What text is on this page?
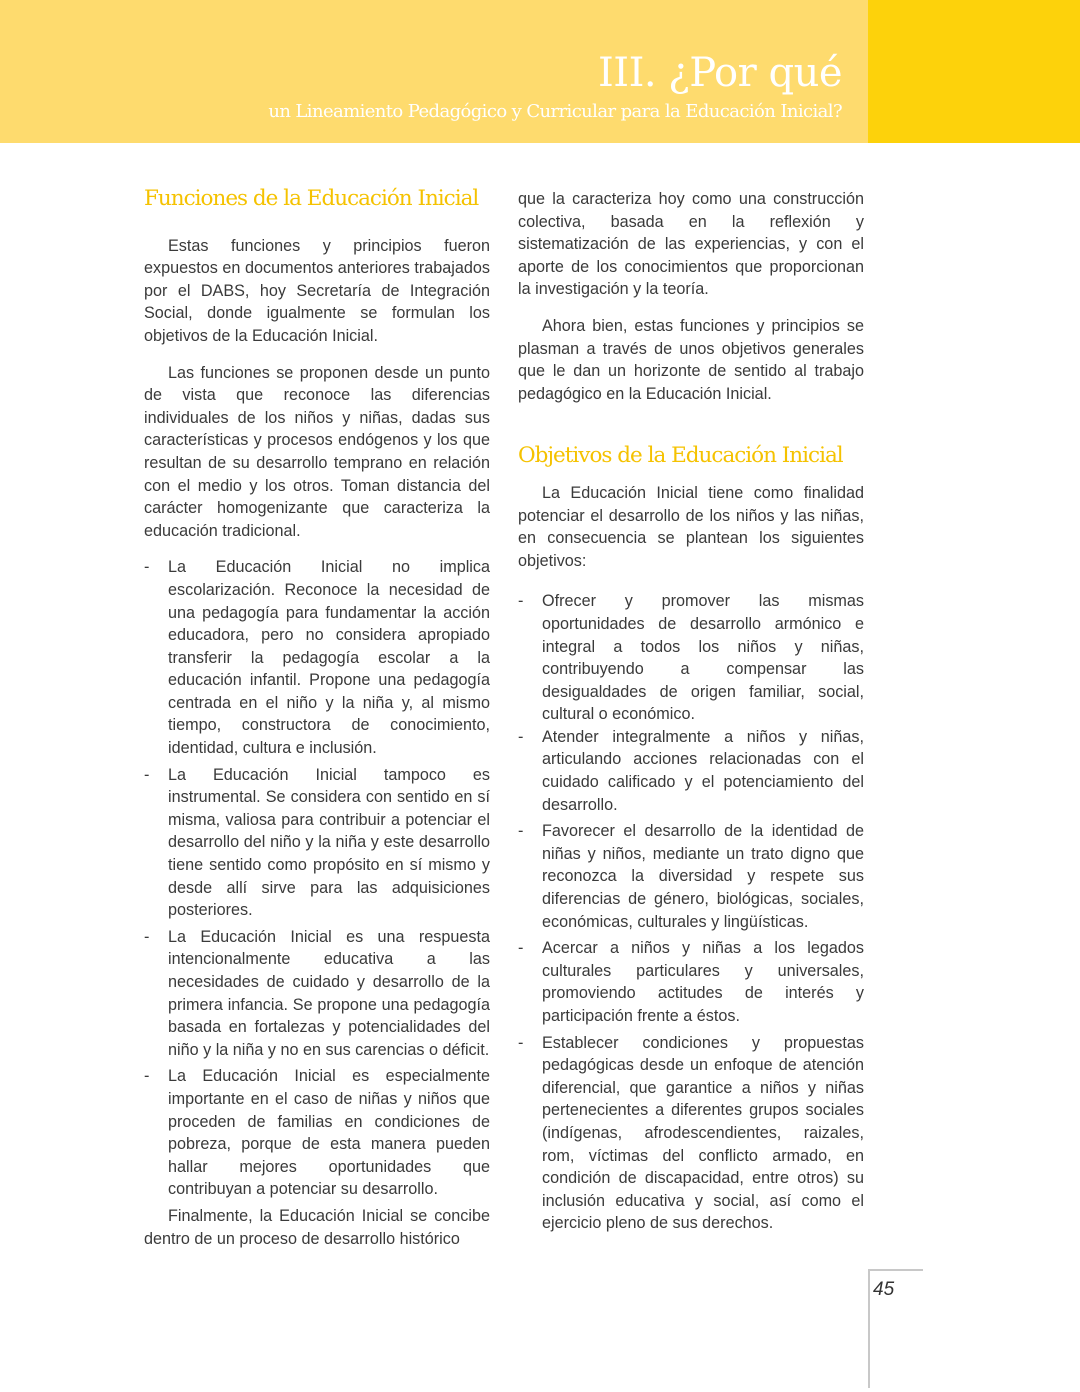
III. ¿Por qué
un Lineamiento Pedagógico y Curricular para la Educación Inicial?
Funciones de la Educación Inicial

Estas funciones y principios fueron expuestos en documentos anteriores trabajados por el DABS, hoy Secretaría de Integración Social, donde igualmente se formulan los objetivos de la Educación Inicial.

Las funciones se proponen desde un punto de vista que reconoce las diferencias individuales de los niños y niñas, dadas sus características y procesos endógenos y los que resultan de su desarrollo temprano en relación con el medio y los otros. Toman distancia del carácter homogenizante que caracteriza la educación tradicional.

- La Educación Inicial no implica escolarización. Reconoce la necesidad de una pedagogía para fundamentar la acción educadora, pero no considera apropiado transferir la pedagogía escolar a la educación infantil. Propone una pedagogía centrada en el niño y la niña y, al mismo tiempo, constructora de conocimiento, identidad, cultura e inclusión.
- La Educación Inicial tampoco es instrumental. Se considera con sentido en sí misma, valiosa para contribuir a potenciar el desarrollo del niño y la niña y este desarrollo tiene sentido como propósito en sí mismo y desde allí sirve para las adquisiciones posteriores.
- La Educación Inicial es una respuesta intencionalmente educativa a las necesidades de cuidado y desarrollo de la primera infancia. Se propone una pedagogía basada en fortalezas y potencialidades del niño y la niña y no en sus carencias o déficit.
- La Educación Inicial es especialmente importante en el caso de niñas y niños que proceden de familias en condiciones de pobreza, porque de esta manera pueden hallar mejores oportunidades que contribuyan a potenciar su desarrollo.

Finalmente, la Educación Inicial se concibe dentro de un proceso de desarrollo histórico

que la caracteriza hoy como una construcción colectiva, basada en la reflexión y sistematización de las experiencias, y con el aporte de los conocimientos que proporcionan la investigación y la teoría.

Ahora bien, estas funciones y principios se plasman a través de unos objetivos generales que le dan un horizonte de sentido al trabajo pedagógico en la Educación Inicial.

Objetivos de la Educación Inicial

La Educación Inicial tiene como finalidad potenciar el desarrollo de los niños y las niñas, en consecuencia se plantean los siguientes objetivos:

- Ofrecer y promover las mismas oportunidades de desarrollo armónico e integral a todos los niños y niñas, contribuyendo a compensar las desigualdades de origen familiar, social, cultural o económico.
- Atender integralmente a niños y niñas, articulando acciones relacionadas con el cuidado calificado y el potenciamiento del desarrollo.
- Favorecer el desarrollo de la identidad de niñas y niños, mediante un trato digno que reconozca la diversidad y respete sus diferencias de género, biológicas, sociales, económicas, culturales y lingüísticas.
- Acercar a niños y niñas a los legados culturales particulares y universales, promoviendo actitudes de interés y participación frente a éstos.
- Establecer condiciones y propuestas pedagógicas desde un enfoque de atención diferencial, que garantice a niños y niñas pertenecientes a diferentes grupos sociales (indígenas, afrodescendientes, raizales, rom, víctimas del conflicto armado, en condición de discapacidad, entre otros) su inclusión educativa y social, así como el ejercicio pleno de sus derechos.
45
